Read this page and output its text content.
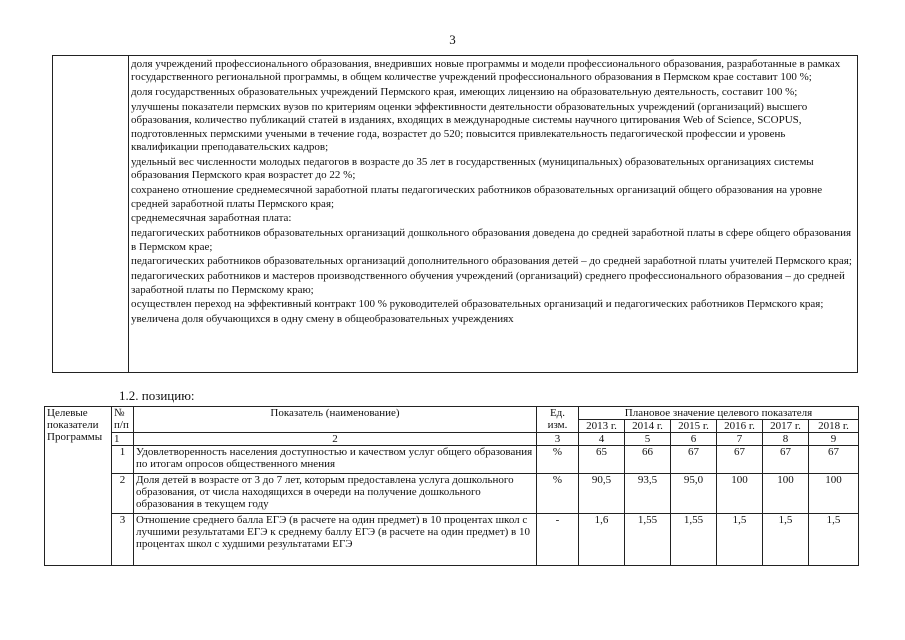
3
доля учреждений профессионального образования, внедривших новые программы и модели профессионального образования, разработанные в рамках государственного региональной программы, в общем количестве учреждений профессионального образования в Пермском крае составит 100 %;
доля государственных образовательных учреждений Пермского края, имеющих лицензию на образовательную деятельность, составит 100 %;
улучшены показатели пермских вузов по критериям оценки эффективности деятельности образовательных учреждений (организаций) высшего образования, количество публикаций статей в изданиях, входящих в международные системы научного цитирования Web of Science, SCOPUS, подготовленных пермскими учеными в течение года, возрастет до 520; повысится привлекательность педагогической профессии и уровень квалификации преподавательских кадров;
удельный вес численности молодых педагогов в возрасте до 35 лет в государственных (муниципальных) образовательных организациях системы образования Пермского края возрастет до 22 %;
сохранено отношение среднемесячной заработной платы педагогических работников образовательных организаций общего образования на уровне средней заработной платы Пермского края;
среднемесячная заработная плата:
педагогических работников образовательных организаций дошкольного образования доведена до средней заработной платы в сфере общего образования в Пермском крае;
педагогических работников образовательных организаций дополнительного образования детей – до средней заработной платы учителей Пермского края;
педагогических работников и мастеров производственного обучения учреждений (организаций) среднего профессионального образования – до средней заработной платы по Пермскому краю;
осуществлен переход на эффективный контракт 100 % руководителей образовательных организаций и педагогических работников Пермского края;
увеличена доля обучающихся в одну смену в общеобразовательных учреждениях
1.2. позицию:
Целевые показатели Программы	№ п/п	Показатель (наименование)	Ед. изм.	Плановое значение целевого показателя					
				2013 г.	2014 г.	2015 г.	2016 г.	2017 г.	2018 г.
	1	2	3	4	5	6	7	8	9
	1	Удовлетворенность населения доступностью и качеством услуг общего образования по итогам опросов общественного мнения	%	65	66	67	67	67	67
	2	Доля детей в возрасте от 3 до 7 лет, которым предоставлена услуга дошкольного образования, от числа находящихся в очереди на получение дошкольного образования в текущем году	%	90,5	93,5	95,0	100	100	100
	3	Отношение среднего балла ЕГЭ (в расчете на один предмет) в 10 процентах школ с лучшими результатами ЕГЭ к среднему баллу ЕГЭ (в расчете на один предмет) в 10 процентах школ с худшими результатами ЕГЭ	-	1,6	1,55	1,55	1,5	1,5	1,5
